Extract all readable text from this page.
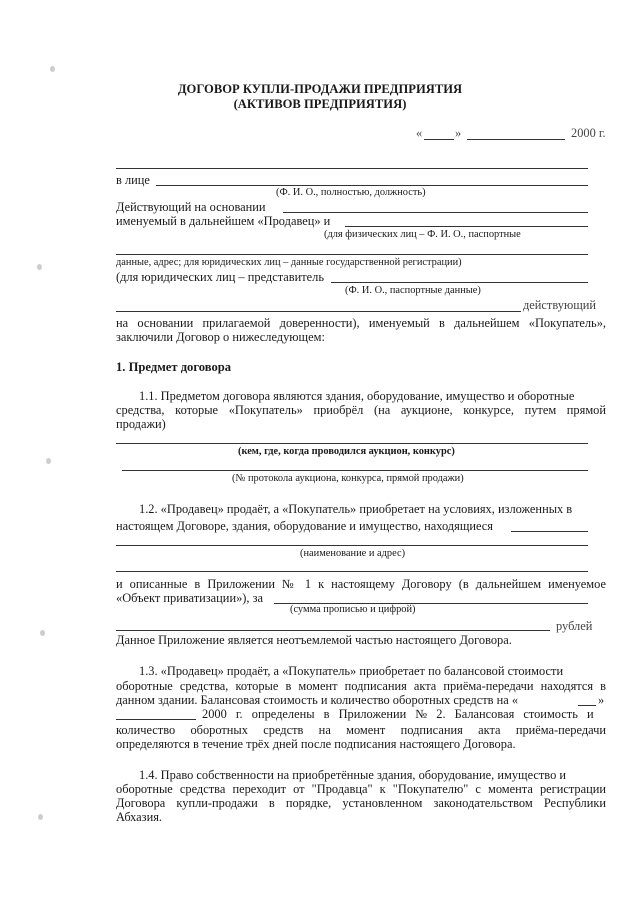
ДОГОВОР КУПЛИ-ПРОДАЖИ ПРЕДПРИЯТИЯ
(АКТИВОВ ПРЕДПРИЯТИЯ)
«	»	2000 г.
в лице
(Ф. И. О., полностью, должность)
Действующий на основании
именуемый в дальнейшем «Продавец» и
(для физических лиц – Ф. И. О., паспортные
данные, адрес; для юридических лиц – данные государственной регистрации)
(для юридических лиц – представитель
(Ф. И. О., паспортные данные)
действующий
на основании прилагаемой доверенности), именуемый в дальнейшем «Покупатель»,
заключили Договор о нижеследующем:
1. Предмет договора
1.1. Предметом договора являются здания, оборудование, имущество и оборотные
средства, которые «Покупатель» приобрёл (на аукционе, конкурсе, путем прямой
продажи)
(кем, где, когда проводился аукцион, конкурс)
(№ протокола аукциона, конкурса, прямой продажи)
1.2. «Продавец» продаёт, а «Покупатель» приобретает на условиях, изложенных в
настоящем Договоре, здания, оборудование и имущество, находящиеся
(наименование и адрес)
и описанные в Приложении № 1 к настоящему Договору (в дальнейшем именуемое
«Объект приватизации»), за
(сумма прописью и цифрой)
рублей
Данное Приложение является неотъемлемой частью настоящего Договора.
1.3. «Продавец» продаёт, а «Покупатель» приобретает по балансовой стоимости
оборотные средства, которые в момент подписания акта приёма-передачи находятся в
данном здании. Балансовая стоимость и количество оборотных средств на «	»
2000 г. определены в Приложении № 2. Балансовая стоимость и
количество оборотных средств на момент подписания акта приёма-передачи
определяются в течение трёх дней после подписания настоящего Договора.
1.4. Право собственности на приобретённые здания, оборудование, имущество и
оборотные средства переходит от "Продавца" к "Покупателю" с момента регистрации
Договора купли-продажи в порядке, установленном законодательством Республики
Абхазия.
